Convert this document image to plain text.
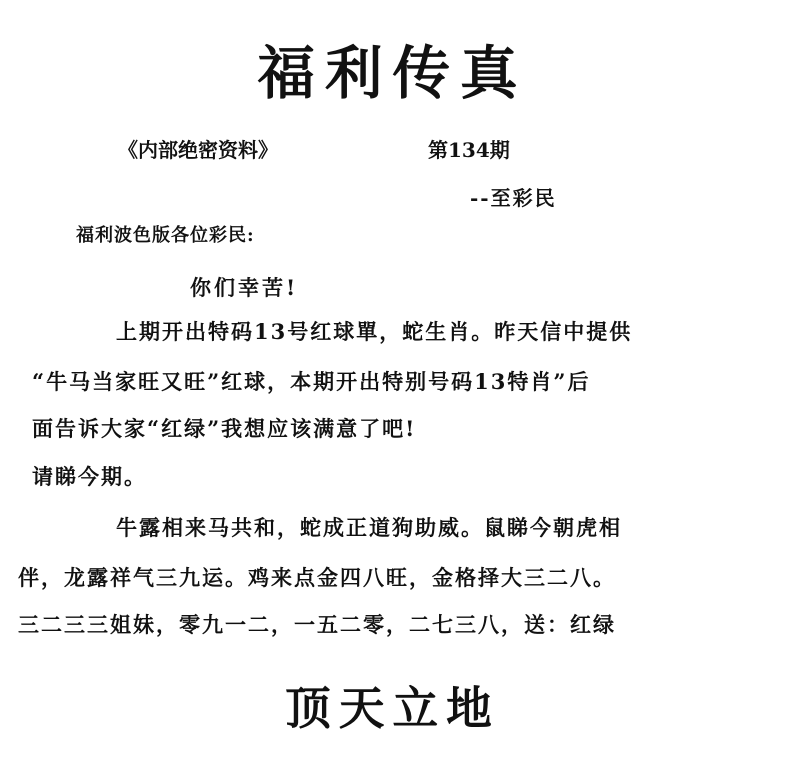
福利传真
《内部绝密资料》	第134期
--至彩民
福利波色版各位彩民:
你们幸苦!
上期开出特码13号红球單，蛇生肖。昨天信中提供
“牛马当家旺又旺”红球，本期开出特别号码13特肖”后
面告诉大家“红绿”我想应该满意了吧!
请睇今期。
牛露相来马共和，蛇成正道狗助威。鼠睇今朝虎相
伴，龙露祥气三九运。鸡来点金四八旺，金格择大三二八。
三二三三姐妹，零九一二，一五二零，二七三八，送：红绿
顶天立地
